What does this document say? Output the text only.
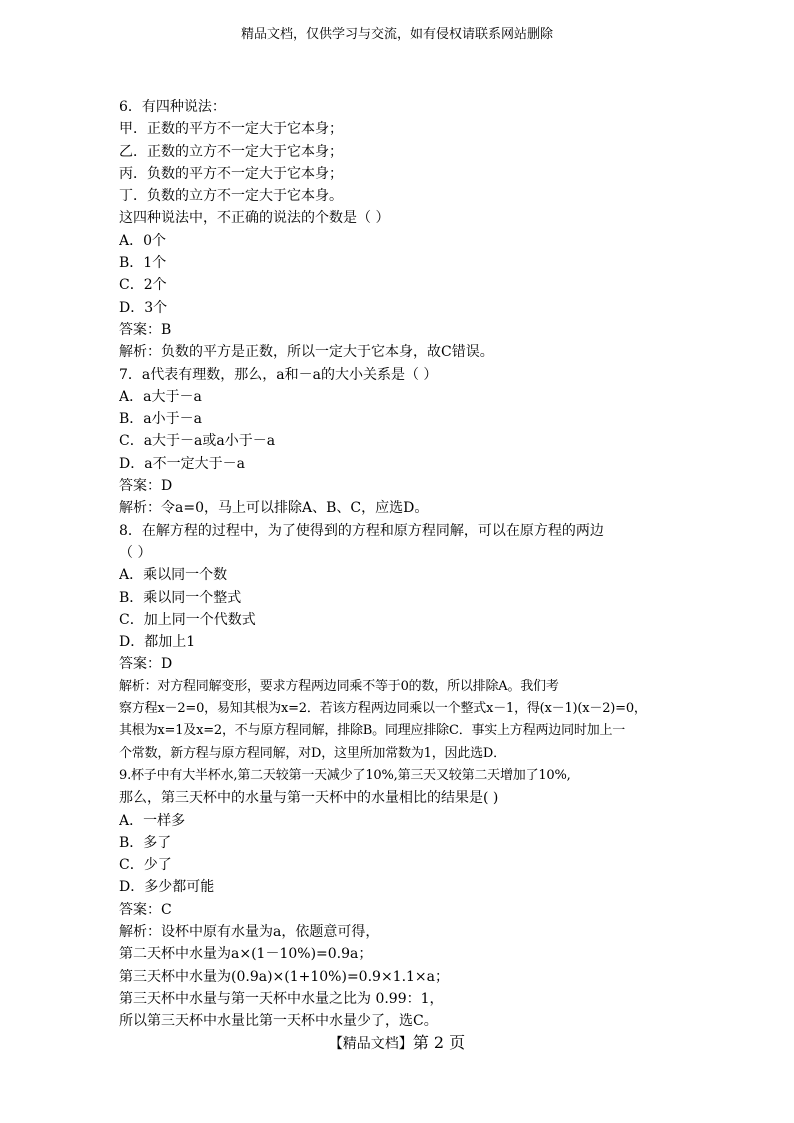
精品文档，仅供学习与交流，如有侵权请联系网站删除
6．有四种说法：
甲．正数的平方不一定大于它本身；
乙．正数的立方不一定大于它本身；
丙．负数的平方不一定大于它本身；
丁．负数的立方不一定大于它本身。
这四种说法中，不正确的说法的个数是（ ）
A．0个
B．1个
C．2个
D．3个
答案：B
解析：负数的平方是正数，所以一定大于它本身，故C错误。
7．a代表有理数，那么，a和－a的大小关系是（ ）
A．a大于－a
B．a小于－a
C．a大于－a或a小于－a
D．a不一定大于－a
答案：D
解析：令a=0，马上可以排除A、B、C，应选D。
8．在解方程的过程中，为了使得到的方程和原方程同解，可以在原方程的两边
（ ）
A．乘以同一个数
B．乘以同一个整式
C．加上同一个代数式
D．都加上1
答案：D
解析：对方程同解变形，要求方程两边同乘不等于0的数，所以排除A。我们考
察方程x－2=0，易知其根为x=2．若该方程两边同乘以一个整式x－1，得(x－1)(x－2)=0，
其根为x=1及x=2，不与原方程同解，排除B。同理应排除C．事实上方程两边同时加上一
个常数，新方程与原方程同解，对D，这里所加常数为1，因此选D．
9.杯子中有大半杯水,第二天较第一天减少了10%,第三天又较第二天增加了10%,
那么，第三天杯中的水量与第一天杯中的水量相比的结果是( )
A．一样多
B．多了
C．少了
D．多少都可能
答案：C
解析：设杯中原有水量为a，依题意可得，
第二天杯中水量为a×(1－10%)=0.9a；
第三天杯中水量为(0.9a)×(1+10%)=0.9×1.1×a；
第三天杯中水量与第一天杯中水量之比为 0.99：1，
所以第三天杯中水量比第一天杯中水量少了，选C。
【精品文档】第 2 页
